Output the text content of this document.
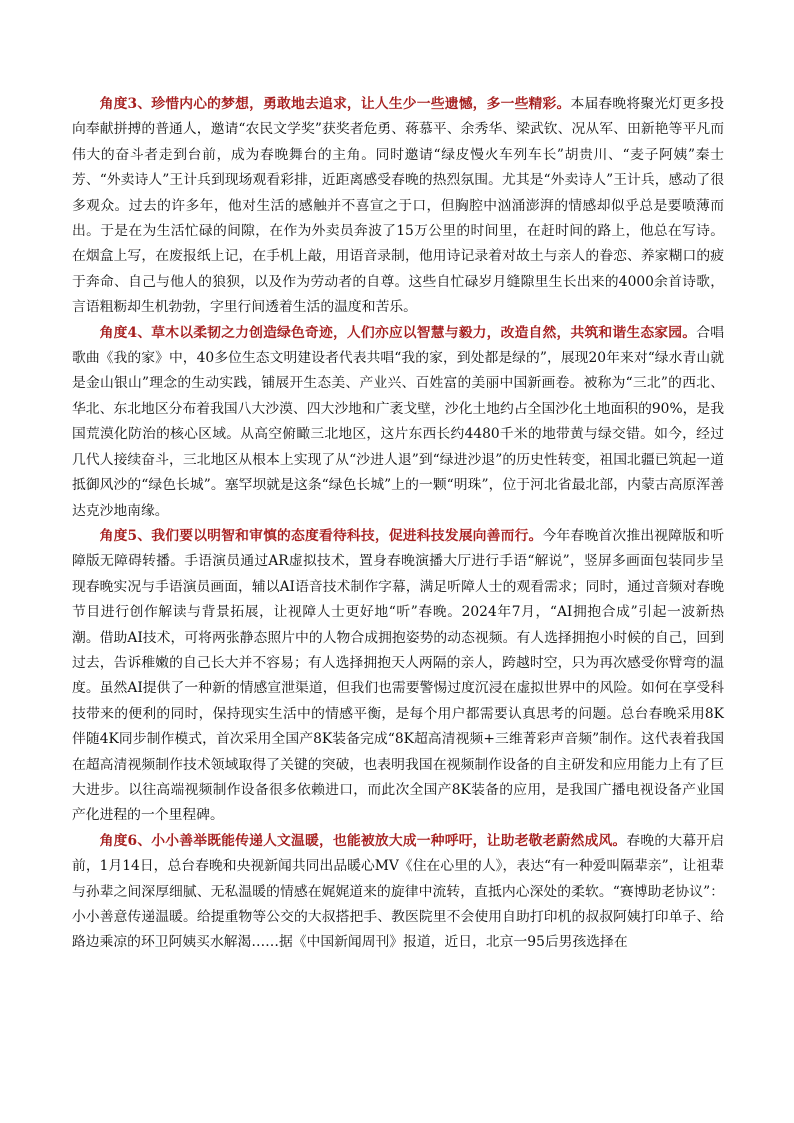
角度3、珍惜内心的梦想，勇敢地去追求，让人生少一些遗憾，多一些精彩。本届春晚将聚光灯更多投向奉献拼搏的普通人，邀请“农民文学奖”获奖者危勇、蒋慕平、余秀华、梁武钦、况从军、田新艳等平凡而伟大的奋斗者走到台前，成为春晚舞台的主角。同时邀请“绿皮慢火车列车长”胡贵川、“麦子阿姨”秦士芳、“外卖诗人”王计兵到现场观看彩排，近距离感受春晚的热烈氛围。尤其是“外卖诗人”王计兵，感动了很多观众。过去的许多年，他对生活的感触并不喜宣之于口，但胸腔中汹涌澎湃的情感却似乎总是要喷薄而出。于是在为生活忙碌的间隙，在作为外卖员奔波了15万公里的时间里，在赶时间的路上，他总在写诗。在烟盒上写，在废报纸上记，在手机上敲，用语音录制，他用诗记录着对故土与亲人的眷恋、养家糊口的疲于奔命、自己与他人的狼狈，以及作为劳动者的自尊。这些自忙碌岁月缝隙里生长出来的4000余首诗歌，言语粗粝却生机勃勃，字里行间透着生活的温度和苦乐。

角度4、草木以柔韧之力创造绿色奇迹，人们亦应以智慧与毅力，改造自然，共筑和谐生态家园。合唱歌曲《我的家》中，40多位生态文明建设者代表共唱“我的家，到处都是绿的”，展现20年来对“绿水青山就是金山银山”理念的生动实践，铺展开生态美、产业兴、百姓富的美丽中国新画卷。被称为“三北”的西北、华北、东北地区分布着我国八大沙漠、四大沙地和广袤戈壁，沙化土地约占全国沙化土地面积的90%，是我国荒漠化防治的核心区域。从高空俯瞰三北地区，这片东西长约4480千米的地带黄与绿交错。如今，经过几代人接续奋斗，三北地区从根本上实现了从“沙进人退”到“绿进沙退”的历史性转变，祖国北疆已筑起一道抵御风沙的“绿色长城”。塞罕坝就是这条“绿色长城”上的一颗“明珠”，位于河北省最北部，内蒙古高原浑善达克沙地南缘。

角度5、我们要以明智和审慎的态度看待科技，促进科技发展向善而行。今年春晚首次推出视障版和听障版无障碍转播。手语演员通过AR虚拟技术，置身春晚演播大厅进行手语“解说”，竖屏多画面包装同步呈现春晚实况与手语演员画面，辅以AI语音技术制作字幕，满足听障人士的观看需求；同时，通过音频对春晚节目进行创作解读与背景拓展，让视障人士更好地“听”春晚。2024年7月，“AI拥抱合成”引起一波新热潮。借助AI技术，可将两张静态照片中的人物合成拥抱姿势的动态视频。有人选择拥抱小时候的自己，回到过去，告诉稚嫩的自己长大并不容易；有人选择拥抱天人两隔的亲人，跨越时空，只为再次感受你臂弯的温度。虽然AI提供了一种新的情感宣泄渠道，但我们也需要警惕过度沉浸在虚拟世界中的风险。如何在享受科技带来的便利的同时，保持现实生活中的情感平衡，是每个用户都需要认真思考的问题。总台春晚采用8K伴随4K同步制作模式，首次采用全国产8K装备完成“8K超高清视频+三维菁彩声音频”制作。这代表着我国在超高清视频制作技术领域取得了关键的突破，也表明我国在视频制作设备的自主研发和应用能力上有了巨大进步。以往高端视频制作设备很多依赖进口，而此次全国产8K装备的应用，是我国广播电视设备产业国产化进程的一个里程碑。

角度6、小小善举既能传递人文温暖，也能被放大成一种呼吁，让助老敬老蔚然成风。春晚的大幕开启前，1月14日，总台春晚和央视新闻共同出品暖心MV《住在心里的人》，表达“有一种爱叫隔辈亲”，让祖辈与孙辈之间深厚细腻、无私温暖的情感在娓娓道来的旋律中流转，直抵内心深处的柔软。“赛博助老协议”：小小善意传递温暖。给提重物等公交的大叔搭把手、教医院里不会使用自助打印机的叔叔阿姨打印单子、给路边乘凉的环卫阿姨买水解渴……据《中国新闻周刊》报道，近日，北京一95后男孩选择在
